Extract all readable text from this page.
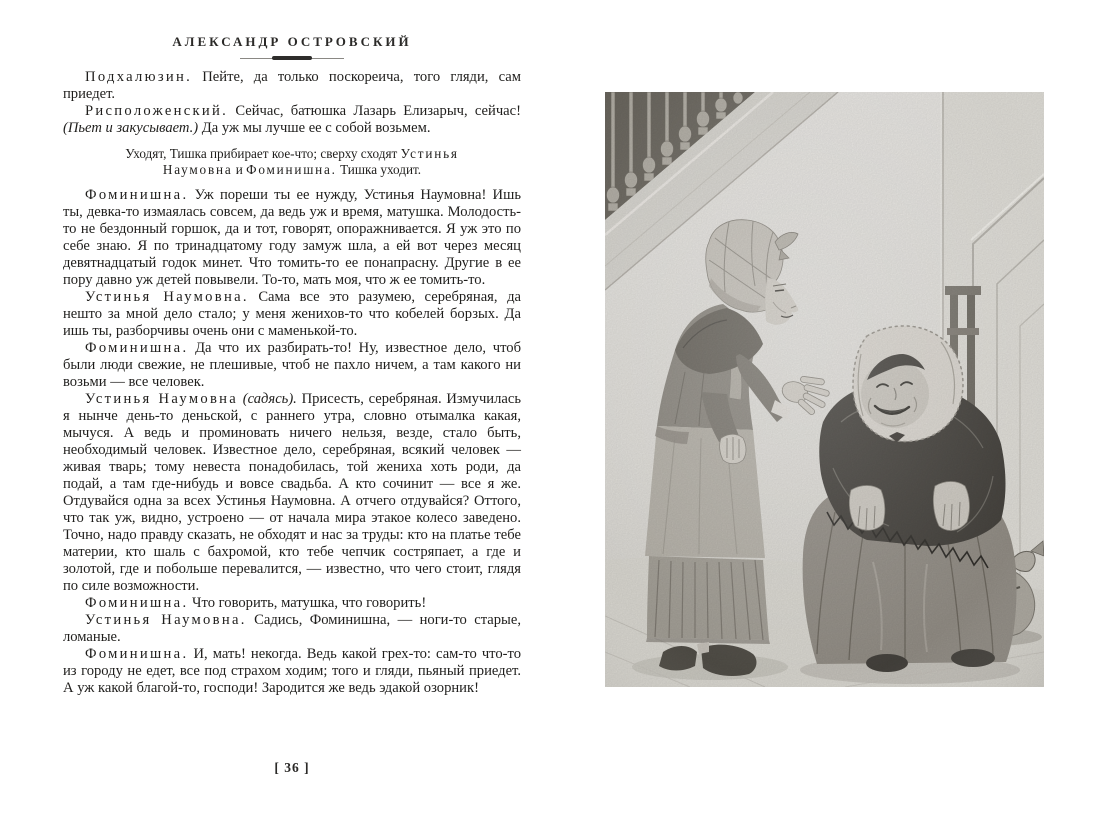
АЛЕКСАНДР ОСТРОВСКИЙ

Подхалюзин. Пейте, да только поскореича, того гляди, сам приедет.

Рисположенский. Сейчас, батюшка Лазарь Елизарыч, сейчас! (Пьет и закусывает.) Да уж мы лучше ее с собой возьмем.

Уходят, Тишка прибирает кое-что; сверху сходят Устинья Наумовна и Фоминишна. Тишка уходит.

Фоминишна. Уж пореши ты ее нужду, Устинья Наумовна! Ишь ты, девка-то измаялась совсем, да ведь уж и время, матушка. Молодость-то не бездонный горшок, да и тот, говорят, опоражнивается. Я уж это по себе знаю. Я по тринадцатому году замуж шла, а ей вот через месяц девятнадцатый годок минет. Что томить-то ее понапрасну. Другие в ее пору давно уж детей повывели. То-то, мать моя, что ж ее томить-то.

Устинья Наумовна. Сама все это разумею, серебряная, да нешто за мной дело стало; у меня женихов-то что кобелей борзых. Да ишь ты, разборчивы очень они с маменькой-то.

Фоминишна. Да что их разбирать-то! Ну, известное дело, чтоб были люди свежие, не плешивые, чтоб не пахло ничем, а там какого ни возьми — все человек.

Устинья Наумовна (садясь). Присесть, серебряная. Измучилась я нынче день-то деньской, с раннего утра, словно отымалка какая, мычуся. А ведь и проминовать ничего нельзя, везде, стало быть, необходимый человек. Известное дело, серебряная, всякий человек — живая тварь; тому невеста понадобилась, той жениха хоть роди, да подай, а там где-нибудь и вовсе свадьба. А кто сочинит — все я же. Отдувайся одна за всех Устинья Наумовна. А отчего отдувайся? Оттого, что так уж, видно, устроено — от начала мира этакое колесо заведено. Точно, надо правду сказать, не обходят и нас за труды: кто на платье тебе материи, кто шаль с бахромой, кто тебе чепчик состряпает, а где и золотой, где и побольше перевалится, — известно, что чего стоит, глядя по силе возможности.

Фоминишна. Что говорить, матушка, что говорить!

Устинья Наумовна. Садись, Фоминишна, — ноги-то старые, ломаные.

Фоминишна. И, мать! некогда. Ведь какой грех-то: сам-то что-то из городу не едет, все под страхом ходим; того и гляди, пьяный приедет. А уж какой благой-то, господи! Зародится же ведь эдакой озорник!

[ 36 ]
